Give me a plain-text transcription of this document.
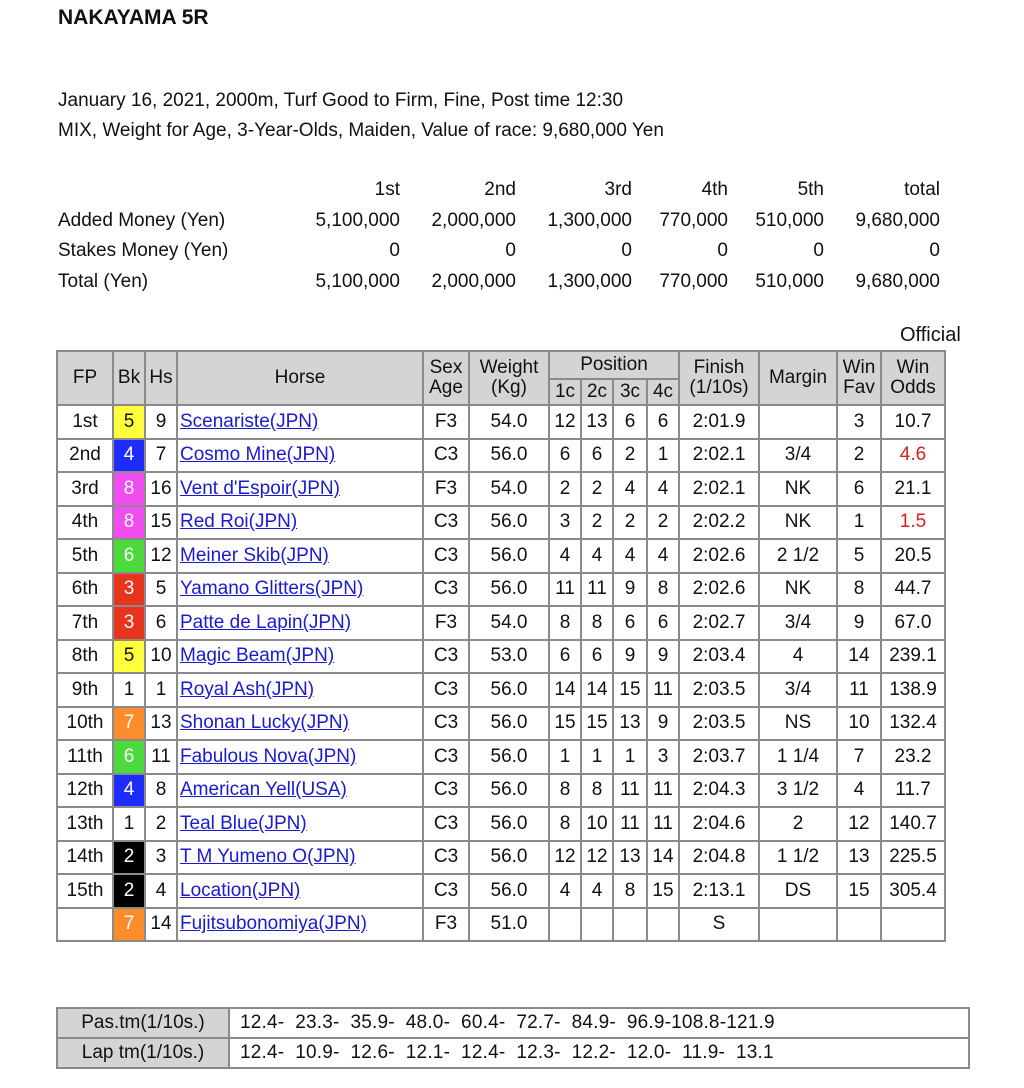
NAKAYAMA 5R
January 16, 2021, 2000m, Turf Good to Firm, Fine, Post time 12:30
MIX, Weight for Age, 3-Year-Olds, Maiden, Value of race: 9,680,000 Yen
	1st	2nd	3rd	4th	5th	total
Added Money (Yen)	5,100,000	2,000,000	1,300,000	770,000	510,000	9,680,000
Stakes Money (Yen)	0	0	0	0	0	0
Total (Yen)	5,100,000	2,000,000	1,300,000	770,000	510,000	9,680,000
Official
FP	Bk	Hs	Horse	Sex Age	Weight (Kg)	Position				Finish (1/10s)	Margin	Win Fav	Win Odds
						1c	2c	3c	4c				
1st	5	9	Scenariste(JPN)	F3	54.0	12	13	6	6	2:01.9		3	10.7
2nd	4	7	Cosmo Mine(JPN)	C3	56.0	6	6	2	1	2:02.1	3/4	2	4.6
3rd	8	16	Vent d'Espoir(JPN)	F3	54.0	2	2	4	4	2:02.1	NK	6	21.1
4th	8	15	Red Roi(JPN)	C3	56.0	3	2	2	2	2:02.2	NK	1	1.5
5th	6	12	Meiner Skib(JPN)	C3	56.0	4	4	4	4	2:02.6	2 1/2	5	20.5
6th	3	5	Yamano Glitters(JPN)	C3	56.0	11	11	9	8	2:02.6	NK	8	44.7
7th	3	6	Patte de Lapin(JPN)	F3	54.0	8	8	6	6	2:02.7	3/4	9	67.0
8th	5	10	Magic Beam(JPN)	C3	53.0	6	6	9	9	2:03.4	4	14	239.1
9th	1	1	Royal Ash(JPN)	C3	56.0	14	14	15	11	2:03.5	3/4	11	138.9
10th	7	13	Shonan Lucky(JPN)	C3	56.0	15	15	13	9	2:03.5	NS	10	132.4
11th	6	11	Fabulous Nova(JPN)	C3	56.0	1	1	1	3	2:03.7	1 1/4	7	23.2
12th	4	8	American Yell(USA)	C3	56.0	8	8	11	11	2:04.3	3 1/2	4	11.7
13th	1	2	Teal Blue(JPN)	C3	56.0	8	10	11	11	2:04.6	2	12	140.7
14th	2	3	T M Yumeno O(JPN)	C3	56.0	12	12	13	14	2:04.8	1 1/2	13	225.5
15th	2	4	Location(JPN)	C3	56.0	4	4	8	15	2:13.1	DS	15	305.4
	7	14	Fujitsubonomiya(JPN)	F3	51.0					S			
Pas.tm(1/10s.)	12.4-  23.3-  35.9-  48.0-  60.4-  72.7-  84.9-  96.9-108.8-121.9
Lap tm(1/10s.)	12.4-  10.9-  12.6-  12.1-  12.4-  12.3-  12.2-  12.0-  11.9-  13.1
